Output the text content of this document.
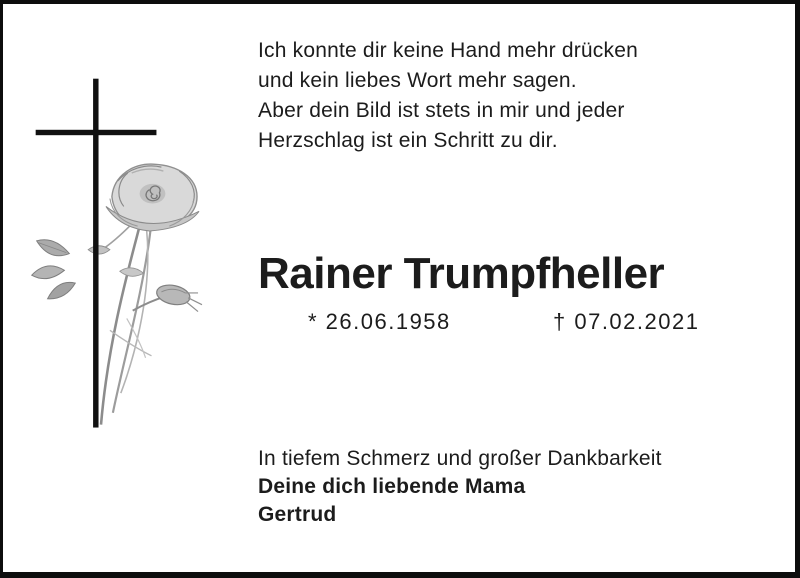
Ich konnte dir keine Hand mehr drücken
und kein liebes Wort mehr sagen.
Aber dein Bild ist stets in mir und jeder
Herzschlag ist ein Schritt zu dir.
Rainer Trumpfheller
* 26.06.1958	† 07.02.2021
In tiefem Schmerz und großer Dankbarkeit
Deine dich liebende Mama
Gertrud
